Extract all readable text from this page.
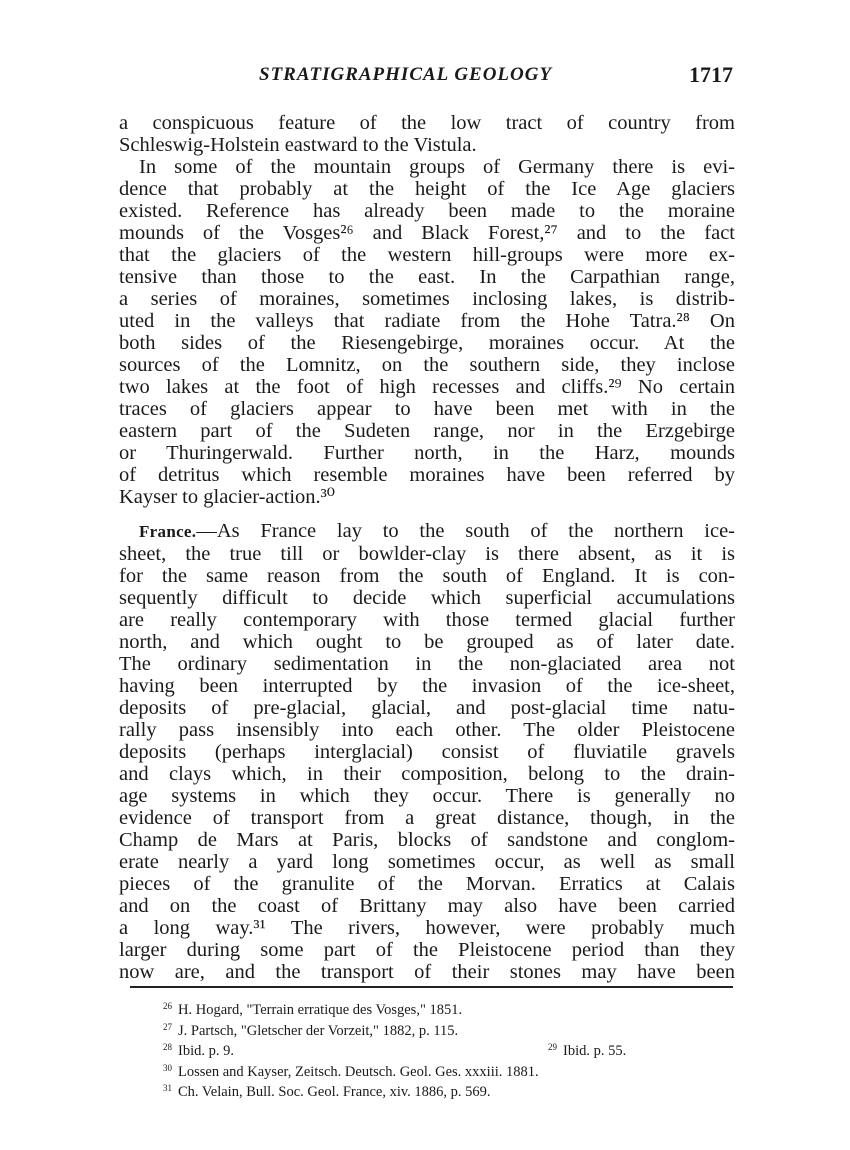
STRATIGRAPHICAL GEOLOGY	1717
a conspicuous feature of the low tract of country from
Schleswig-Holstein eastward to the Vistula.
In some of the mountain groups of Germany there is evi-
dence that probably at the height of the Ice Age glaciers
existed. Reference has already been made to the moraine
mounds of the Vosges²⁶ and Black Forest,²⁷ and to the fact
that the glaciers of the western hill-groups were more ex-
tensive than those to the east. In the Carpathian range,
a series of moraines, sometimes inclosing lakes, is distrib-
uted in the valleys that radiate from the Hohe Tatra.²⁸ On
both sides of the Riesengebirge, moraines occur. At the
sources of the Lomnitz, on the southern side, they inclose
two lakes at the foot of high recesses and cliffs.²⁹ No certain
traces of glaciers appear to have been met with in the
eastern part of the Sudeten range, nor in the Erzgebirge
or Thuringerwald. Further north, in the Harz, mounds
of detritus which resemble moraines have been referred by
Kayser to glacier-action.³⁰
France.—As France lay to the south of the northern ice-
sheet, the true till or bowlder-clay is there absent, as it is
for the same reason from the south of England. It is con-
sequently difficult to decide which superficial accumulations
are really contemporary with those termed glacial further
north, and which ought to be grouped as of later date.
The ordinary sedimentation in the non-glaciated area not
having been interrupted by the invasion of the ice-sheet,
deposits of pre-glacial, glacial, and post-glacial time natu-
rally pass insensibly into each other. The older Pleistocene
deposits (perhaps interglacial) consist of fluviatile gravels
and clays which, in their composition, belong to the drain-
age systems in which they occur. There is generally no
evidence of transport from a great distance, though, in the
Champ de Mars at Paris, blocks of sandstone and conglom-
erate nearly a yard long sometimes occur, as well as small
pieces of the granulite of the Morvan. Erratics at Calais
and on the coast of Brittany may also have been carried
a long way.³¹ The rivers, however, were probably much
larger during some part of the Pleistocene period than they
now are, and the transport of their stones may have been
$^{26}$ H. Hogard, "Terrain erratique des Vosges," 1851.
$^{27}$ J. Partsch, "Gletscher der Vorzeit," 1882, p. 115.
$^{28}$ Ibid. p. 9.	$^{29}$ Ibid. p. 55.
$^{30}$ Lossen and Kayser, Zeitsch. Deutsch. Geol. Ges. xxxiii. 1881.
$^{31}$ Ch. Velain, Bull. Soc. Geol. France, xiv. 1886, p. 569.
